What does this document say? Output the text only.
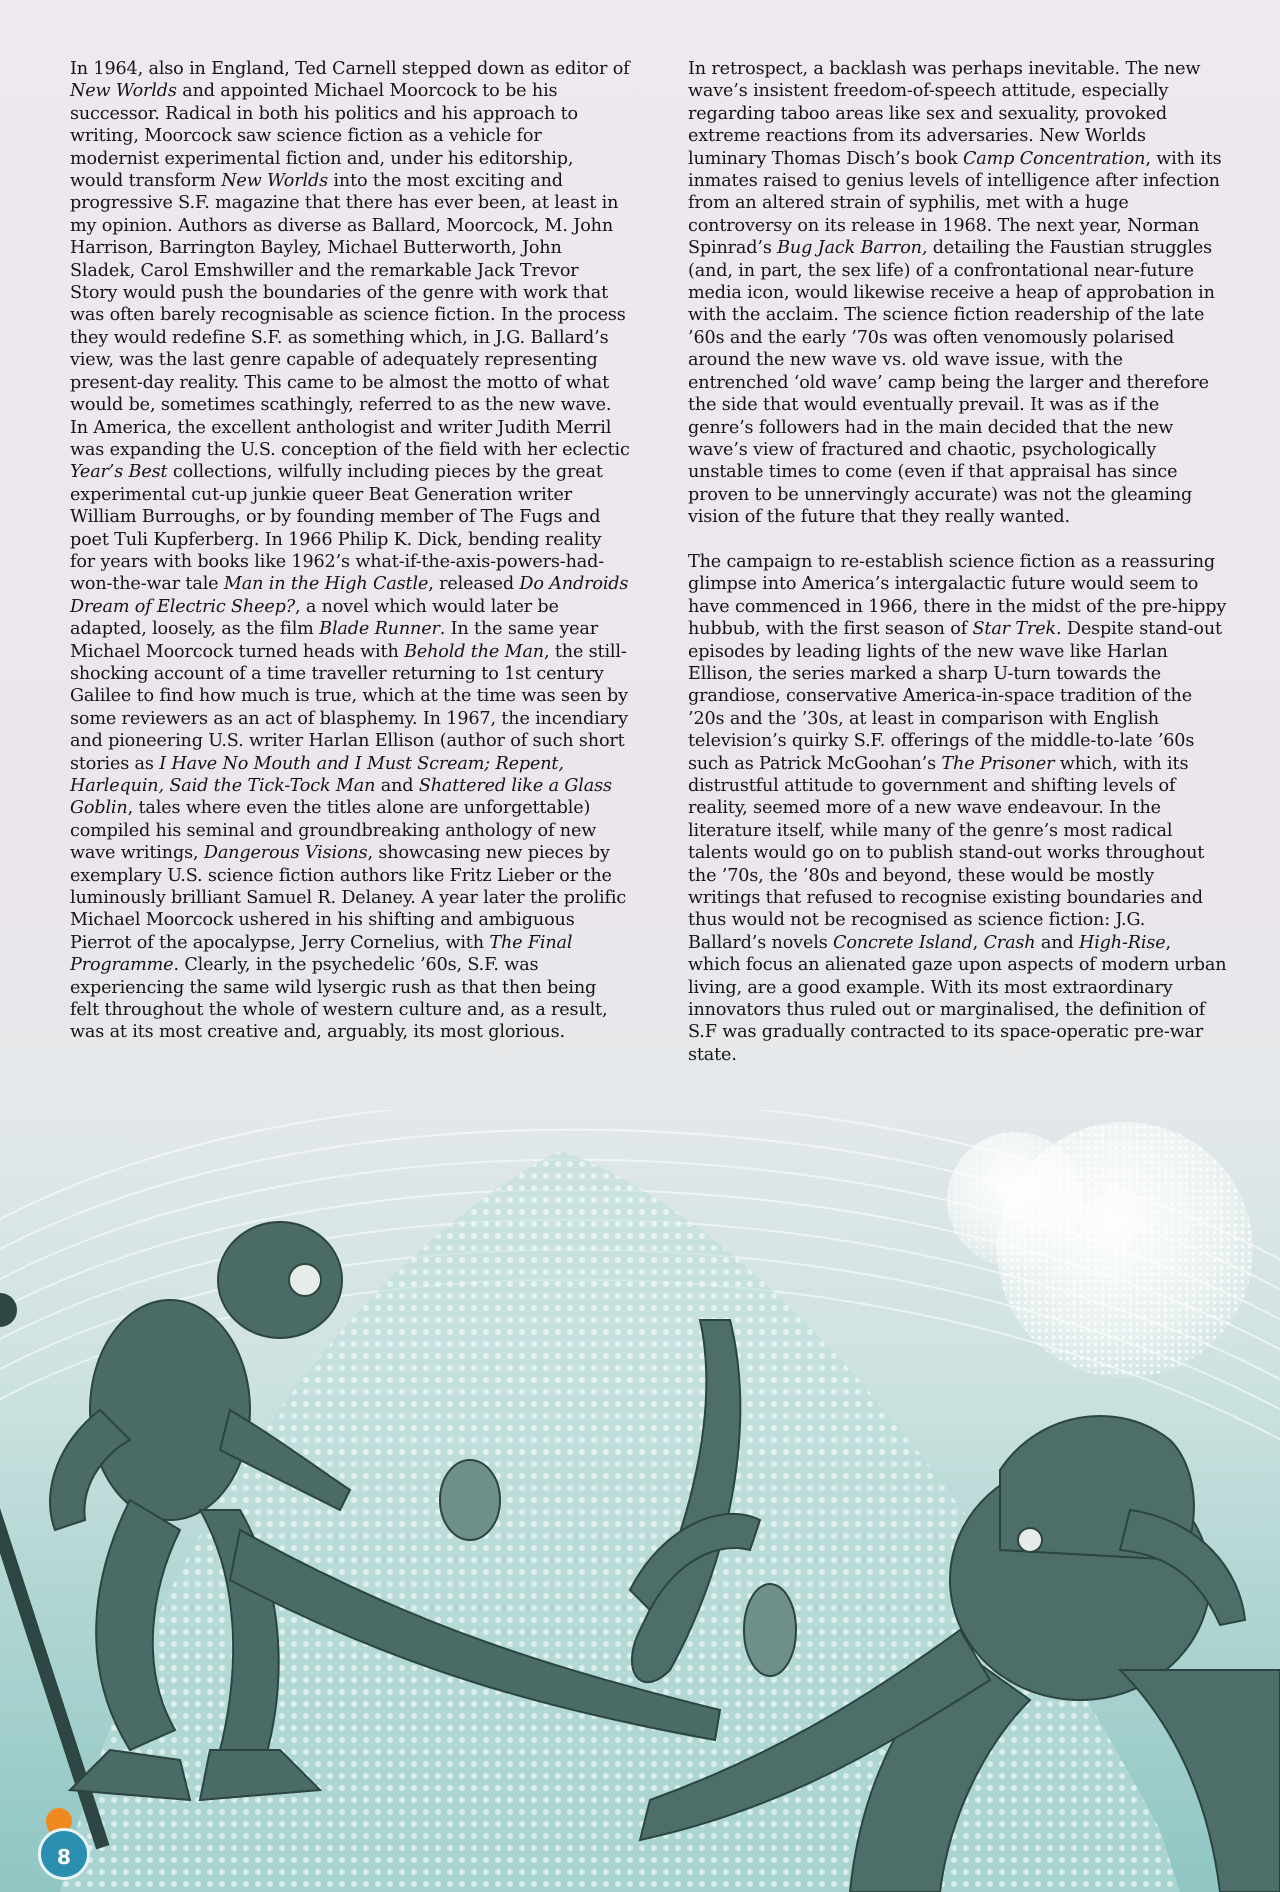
In 1964, also in England, Ted Carnell stepped down as editor of New Worlds and appointed Michael Moorcock to be his successor. Radical in both his politics and his approach to writing, Moorcock saw science fiction as a vehicle for modernist experimental fiction and, under his editorship, would transform New Worlds into the most exciting and progressive S.F. magazine that there has ever been, at least in my opinion. Authors as diverse as Ballard, Moorcock, M. John Harrison, Barrington Bayley, Michael Butterworth, John Sladek, Carol Emshwiller and the remarkable Jack Trevor Story would push the boundaries of the genre with work that was often barely recognisable as science fiction. In the process they would redefine S.F. as something which, in J.G. Ballard’s view, was the last genre capable of adequately representing present-day reality. This came to be almost the motto of what would be, sometimes scathingly, referred to as the new wave. In America, the excellent anthologist and writer Judith Merril was expanding the U.S. conception of the field with her eclectic Year’s Best collections, wilfully including pieces by the great experimental cut-up junkie queer Beat Generation writer William Burroughs, or by founding member of The Fugs and poet Tuli Kupferberg. In 1966 Philip K. Dick, bending reality for years with books like 1962’s what-if-the-axis-powers-had-won-the-war tale Man in the High Castle, released Do Androids Dream of Electric Sheep?, a novel which would later be adapted, loosely, as the film Blade Runner. In the same year Michael Moorcock turned heads with Behold the Man, the still-shocking account of a time traveller returning to 1st century Galilee to find how much is true, which at the time was seen by some reviewers as an act of blasphemy. In 1967, the incendiary and pioneering U.S. writer Harlan Ellison (author of such short stories as I Have No Mouth and I Must Scream; Repent, Harlequin, Said the Tick-Tock Man and Shattered like a Glass Goblin, tales where even the titles alone are unforgettable) compiled his seminal and groundbreaking anthology of new wave writings, Dangerous Visions, showcasing new pieces by exemplary U.S. science fiction authors like Fritz Lieber or the luminously brilliant Samuel R. Delaney. A year later the prolific Michael Moorcock ushered in his shifting and ambiguous Pierrot of the apocalypse, Jerry Cornelius, with The Final Programme. Clearly, in the psychedelic ’60s, S.F. was experiencing the same wild lysergic rush as that then being felt throughout the whole of western culture and, as a result, was at its most creative and, arguably, its most glorious.

In retrospect, a backlash was perhaps inevitable. The new wave’s insistent freedom-of-speech attitude, especially regarding taboo areas like sex and sexuality, provoked extreme reactions from its adversaries. New Worlds luminary Thomas Disch’s book Camp Concentration, with its inmates raised to genius levels of intelligence after infection from an altered strain of syphilis, met with a huge controversy on its release in 1968. The next year, Norman Spinrad’s Bug Jack Barron, detailing the Faustian struggles (and, in part, the sex life) of a confrontational near-future media icon, would likewise receive a heap of approbation in with the acclaim. The science fiction readership of the late ’60s and the early ’70s was often venomously polarised around the new wave vs. old wave issue, with the entrenched ‘old wave’ camp being the larger and therefore the side that would eventually prevail. It was as if the genre’s followers had in the main decided that the new wave’s view of fractured and chaotic, psychologically unstable times to come (even if that appraisal has since proven to be unnervingly accurate) was not the gleaming vision of the future that they really wanted.

The campaign to re-establish science fiction as a reassuring glimpse into America’s intergalactic future would seem to have commenced in 1966, there in the midst of the pre-hippy hubbub, with the first season of Star Trek. Despite stand-out episodes by leading lights of the new wave like Harlan Ellison, the series marked a sharp U-turn towards the grandiose, conservative America-in-space tradition of the ’20s and the ’30s, at least in comparison with English television’s quirky S.F. offerings of the middle-to-late ’60s such as Patrick McGoohan’s The Prisoner which, with its distrustful attitude to government and shifting levels of reality, seemed more of a new wave endeavour. In the literature itself, while many of the genre’s most radical talents would go on to publish stand-out works throughout the ’70s, the ’80s and beyond, these would be mostly writings that refused to recognise existing boundaries and thus would not be recognised as science fiction: J.G. Ballard’s novels Concrete Island, Crash and High-Rise, which focus an alienated gaze upon aspects of modern urban living, are a good example. With its most extraordinary innovators thus ruled out or marginalised, the definition of S.F was gradually contracted to its space-operatic pre-war state.

8
